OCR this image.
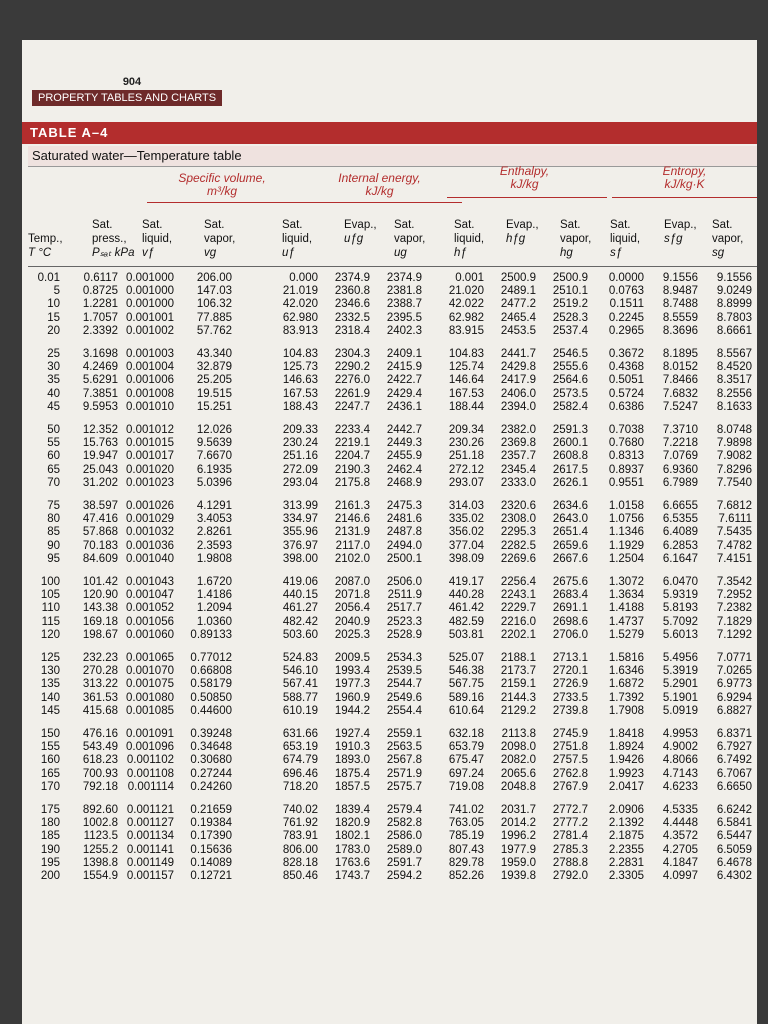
904
PROPERTY TABLES AND CHARTS
TABLE A–4
Saturated water—Temperature table
Specific volume,
m³/kg
Internal energy,
kJ/kg
Enthalpy,
kJ/kg
Entropy,
kJ/kg·K
Temp.,
T °C
Sat.
press.,
Pₛₐₜ kPa
Sat.
liquid,
vƒ
Sat.
vapor,
vɡ
Sat.
liquid,
uƒ
Evap.,
uƒɡ
Sat.
vapor,
uɡ
Sat.
liquid,
hƒ
Evap.,
hƒɡ
Sat.
vapor,
hɡ
Sat.
liquid,
sƒ
Evap.,
sƒɡ
Sat.
vapor,
sɡ
0.01	0.6117 0.001000	206.00	0.000	2374.9	2374.9	0.001	2500.9	2500.9	0.0000	9.1556	9.1556
5	0.8725 0.001000	147.03	21.019	2360.8	2381.8	21.020	2489.1	2510.1	0.0763	8.9487	9.0249
10	1.2281 0.001000	106.32	42.020	2346.6	2388.7	42.022	2477.2	2519.2	0.1511	8.7488	8.8999
15	1.7057 0.001001	77.885	62.980	2332.5	2395.5	62.982	2465.4	2528.3	0.2245	8.5559	8.7803
20	2.3392 0.001002	57.762	83.913	2318.4	2402.3	83.915	2453.5	2537.4	0.2965	8.3696	8.6661
25	3.1698 0.001003	43.340	104.83	2304.3	2409.1	104.83	2441.7	2546.5	0.3672	8.1895	8.5567
30	4.2469 0.001004	32.879	125.73	2290.2	2415.9	125.74	2429.8	2555.6	0.4368	8.0152	8.4520
35	5.6291 0.001006	25.205	146.63	2276.0	2422.7	146.64	2417.9	2564.6	0.5051	7.8466	8.3517
40	7.3851 0.001008	19.515	167.53	2261.9	2429.4	167.53	2406.0	2573.5	0.5724	7.6832	8.2556
45	9.5953 0.001010	15.251	188.43	2247.7	2436.1	188.44	2394.0	2582.4	0.6386	7.5247	8.1633
50	12.352 0.001012	12.026	209.33	2233.4	2442.7	209.34	2382.0	2591.3	0.7038	7.3710	8.0748
55	15.763 0.001015	9.5639	230.24	2219.1	2449.3	230.26	2369.8	2600.1	0.7680	7.2218	7.9898
60	19.947 0.001017	7.6670	251.16	2204.7	2455.9	251.18	2357.7	2608.8	0.8313	7.0769	7.9082
65	25.043 0.001020	6.1935	272.09	2190.3	2462.4	272.12	2345.4	2617.5	0.8937	6.9360	7.8296
70	31.202 0.001023	5.0396	293.04	2175.8	2468.9	293.07	2333.0	2626.1	0.9551	6.7989	7.7540
75	38.597 0.001026	4.1291	313.99	2161.3	2475.3	314.03	2320.6	2634.6	1.0158	6.6655	7.6812
80	47.416 0.001029	3.4053	334.97	2146.6	2481.6	335.02	2308.0	2643.0	1.0756	6.5355	7.6111
85	57.868 0.001032	2.8261	355.96	2131.9	2487.8	356.02	2295.3	2651.4	1.1346	6.4089	7.5435
90	70.183 0.001036	2.3593	376.97	2117.0	2494.0	377.04	2282.5	2659.6	1.1929	6.2853	7.4782
95	84.609 0.001040	1.9808	398.00	2102.0	2500.1	398.09	2269.6	2667.6	1.2504	6.1647	7.4151
100	101.42 0.001043	1.6720	419.06	2087.0	2506.0	419.17	2256.4	2675.6	1.3072	6.0470	7.3542
105	120.90 0.001047	1.4186	440.15	2071.8	2511.9	440.28	2243.1	2683.4	1.3634	5.9319	7.2952
110	143.38 0.001052	1.2094	461.27	2056.4	2517.7	461.42	2229.7	2691.1	1.4188	5.8193	7.2382
115	169.18 0.001056	1.0360	482.42	2040.9	2523.3	482.59	2216.0	2698.6	1.4737	5.7092	7.1829
120	198.67 0.001060	0.89133	503.60	2025.3	2528.9	503.81	2202.1	2706.0	1.5279	5.6013	7.1292
125	232.23 0.001065	0.77012	524.83	2009.5	2534.3	525.07	2188.1	2713.1	1.5816	5.4956	7.0771
130	270.28 0.001070	0.66808	546.10	1993.4	2539.5	546.38	2173.7	2720.1	1.6346	5.3919	7.0265
135	313.22 0.001075	0.58179	567.41	1977.3	2544.7	567.75	2159.1	2726.9	1.6872	5.2901	6.9773
140	361.53 0.001080	0.50850	588.77	1960.9	2549.6	589.16	2144.3	2733.5	1.7392	5.1901	6.9294
145	415.68 0.001085	0.44600	610.19	1944.2	2554.4	610.64	2129.2	2739.8	1.7908	5.0919	6.8827
150	476.16 0.001091	0.39248	631.66	1927.4	2559.1	632.18	2113.8	2745.9	1.8418	4.9953	6.8371
155	543.49 0.001096	0.34648	653.19	1910.3	2563.5	653.79	2098.0	2751.8	1.8924	4.9002	6.7927
160	618.23 0.001102	0.30680	674.79	1893.0	2567.8	675.47	2082.0	2757.5	1.9426	4.8066	6.7492
165	700.93 0.001108	0.27244	696.46	1875.4	2571.9	697.24	2065.6	2762.8	1.9923	4.7143	6.7067
170	792.18 0.001114	0.24260	718.20	1857.5	2575.7	719.08	2048.8	2767.9	2.0417	4.6233	6.6650
175	892.60 0.001121	0.21659	740.02	1839.4	2579.4	741.02	2031.7	2772.7	2.0906	4.5335	6.6242
180	1002.8 0.001127	0.19384	761.92	1820.9	2582.8	763.05	2014.2	2777.2	2.1392	4.4448	6.5841
185	1123.5 0.001134	0.17390	783.91	1802.1	2586.0	785.19	1996.2	2781.4	2.1875	4.3572	6.5447
190	1255.2 0.001141	0.15636	806.00	1783.0	2589.0	807.43	1977.9	2785.3	2.2355	4.2705	6.5059
195	1398.8 0.001149	0.14089	828.18	1763.6	2591.7	829.78	1959.0	2788.8	2.2831	4.1847	6.4678
200	1554.9 0.001157	0.12721	850.46	1743.7	2594.2	852.26	1939.8	2792.0	2.3305	4.0997	6.4302
